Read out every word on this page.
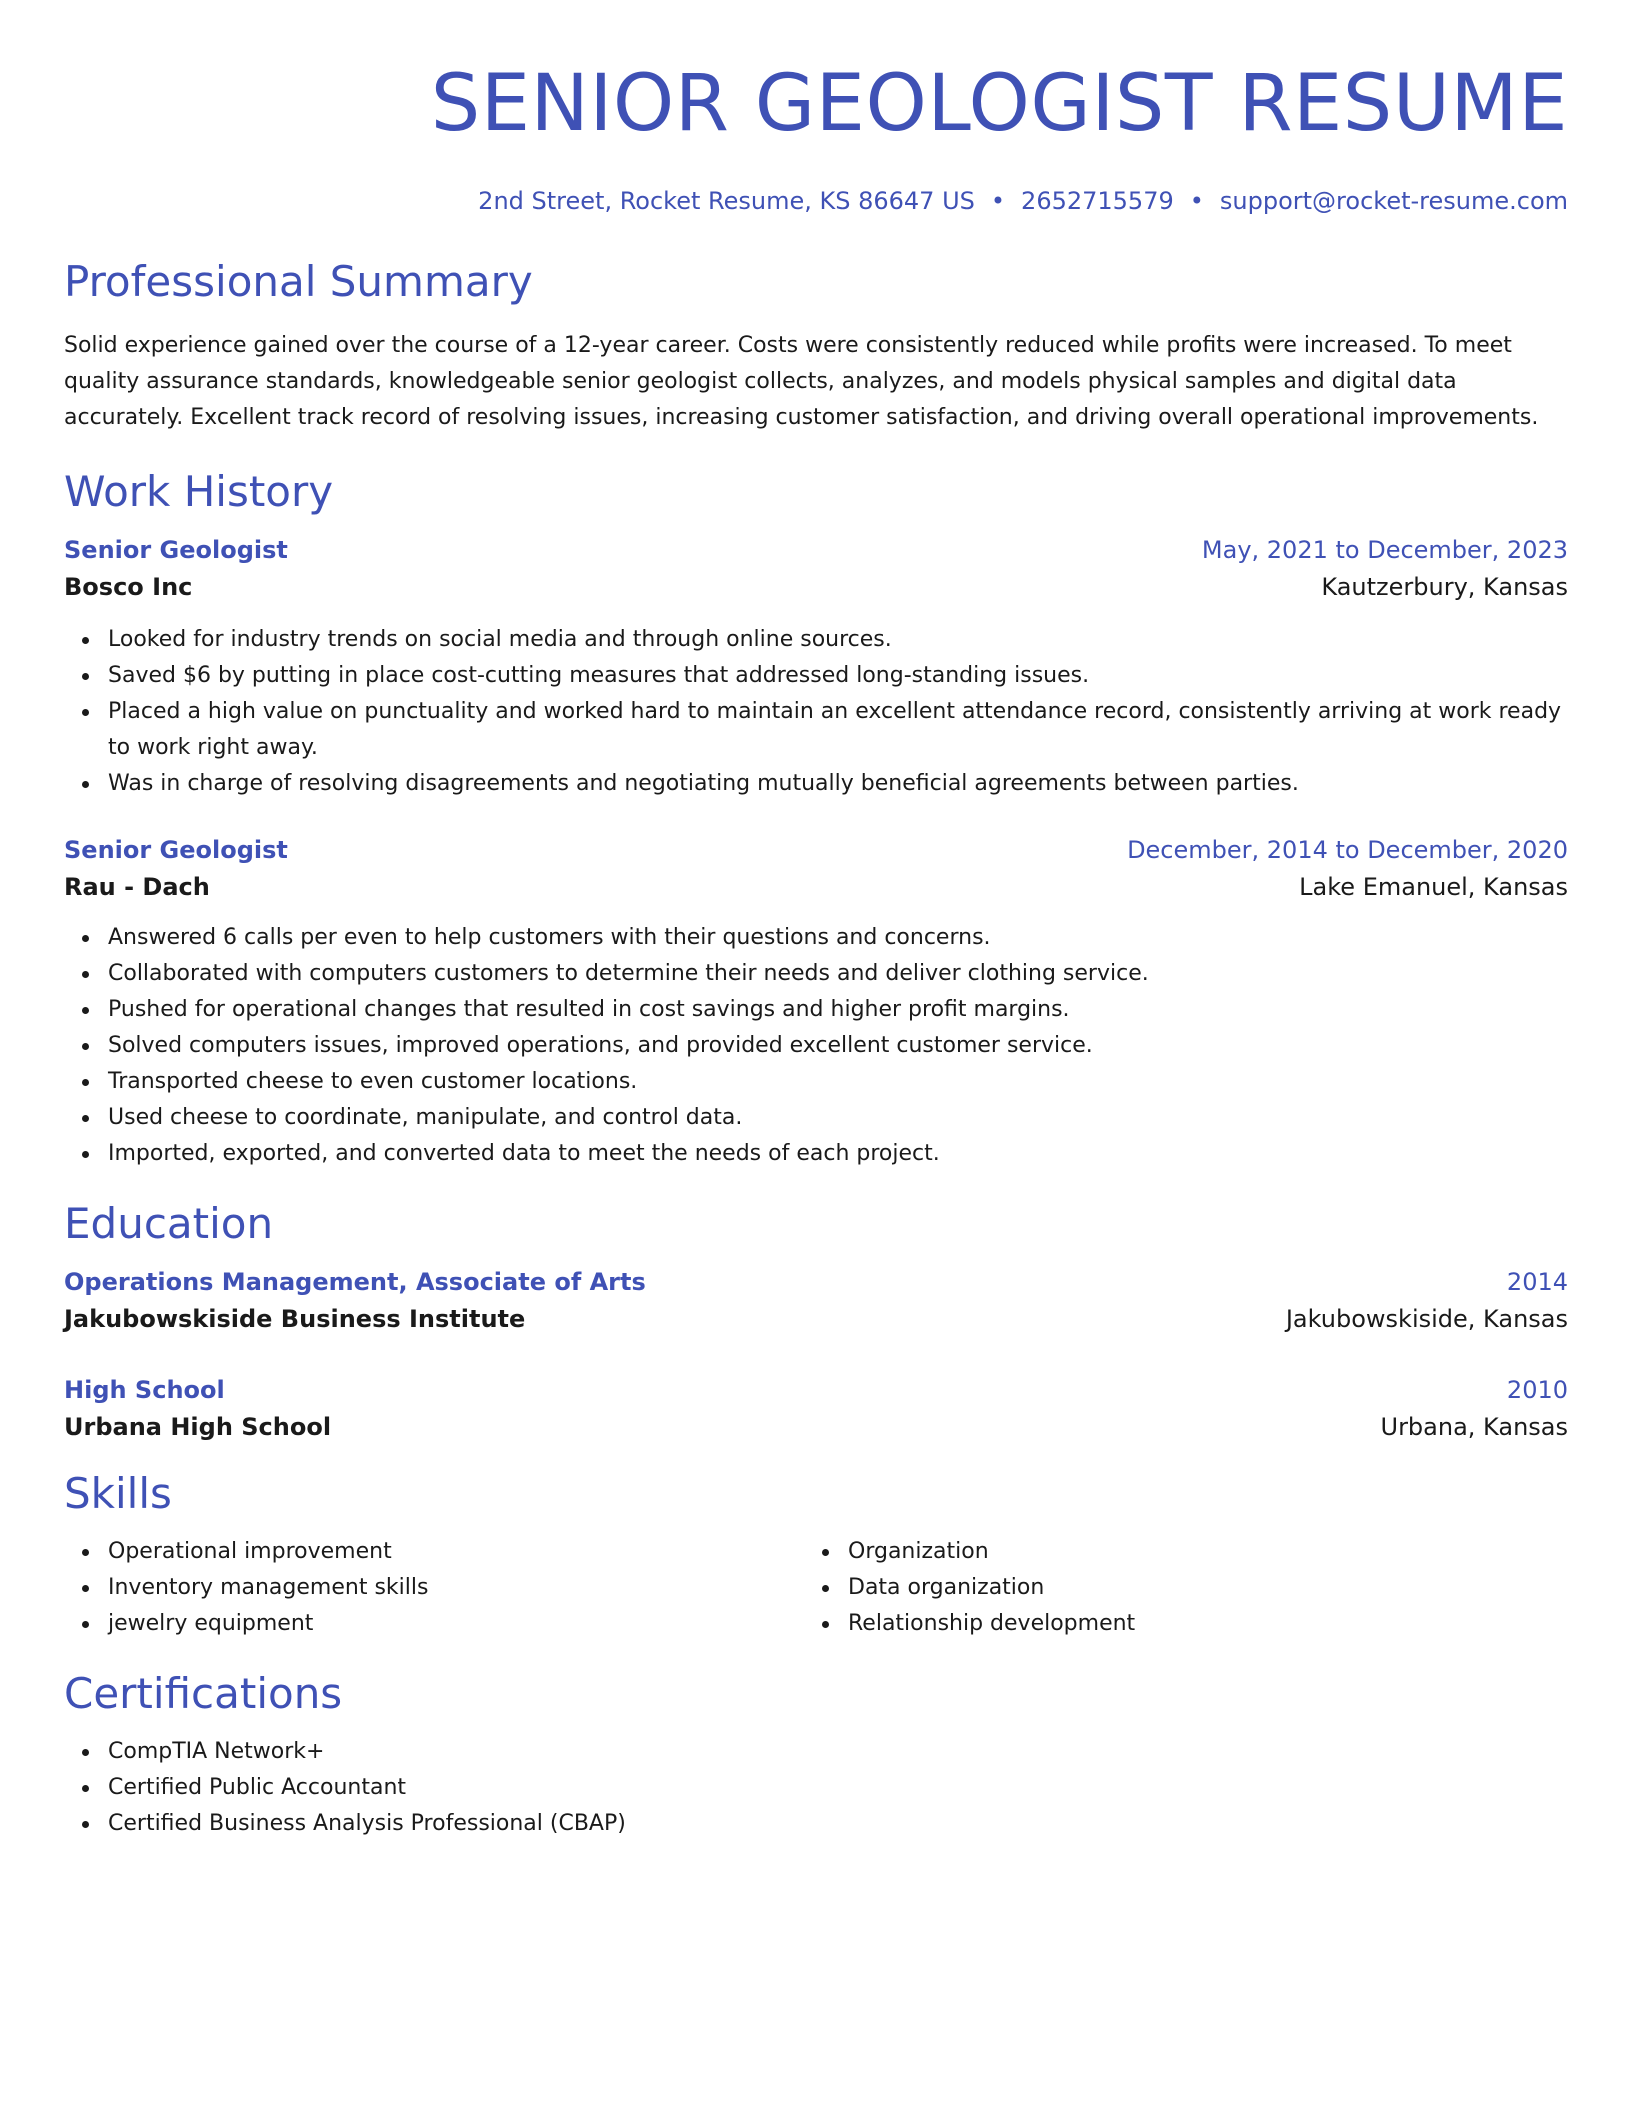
SENIOR GEOLOGIST RESUME
2nd Street, Rocket Resume, KS 86647 US • 2652715579 • support@rocket-resume.com
Professional Summary

Solid experience gained over the course of a 12-year career. Costs were consistently reduced while profits were increased. To meet quality assurance standards, knowledgeable senior geologist collects, analyzes, and models physical samples and digital data accurately. Excellent track record of resolving issues, increasing customer satisfaction, and driving overall operational improvements.

Work History
Senior Geologist	May, 2021 to December, 2023
Bosco Inc	Kautzerbury, Kansas
Looked for industry trends on social media and through online sources.
Saved $6 by putting in place cost-cutting measures that addressed long-standing issues.
Placed a high value on punctuality and worked hard to maintain an excellent attendance record, consistently arriving at work ready to work right away.
Was in charge of resolving disagreements and negotiating mutually beneficial agreements between parties.
Senior Geologist	December, 2014 to December, 2020
Rau - Dach	Lake Emanuel, Kansas
Answered 6 calls per even to help customers with their questions and concerns.
Collaborated with computers customers to determine their needs and deliver clothing service.
Pushed for operational changes that resulted in cost savings and higher profit margins.
Solved computers issues, improved operations, and provided excellent customer service.
Transported cheese to even customer locations.
Used cheese to coordinate, manipulate, and control data.
Imported, exported, and converted data to meet the needs of each project.
Education
Operations Management, Associate of Arts	2014
Jakubowskiside Business Institute	Jakubowskiside, Kansas
High School	2010
Urbana High School	Urbana, Kansas
Skills
Operational improvement
Inventory management skills
jewelry equipment
Organization
Data organization
Relationship development
Certifications
CompTIA Network+
Certified Public Accountant
Certified Business Analysis Professional (CBAP)
